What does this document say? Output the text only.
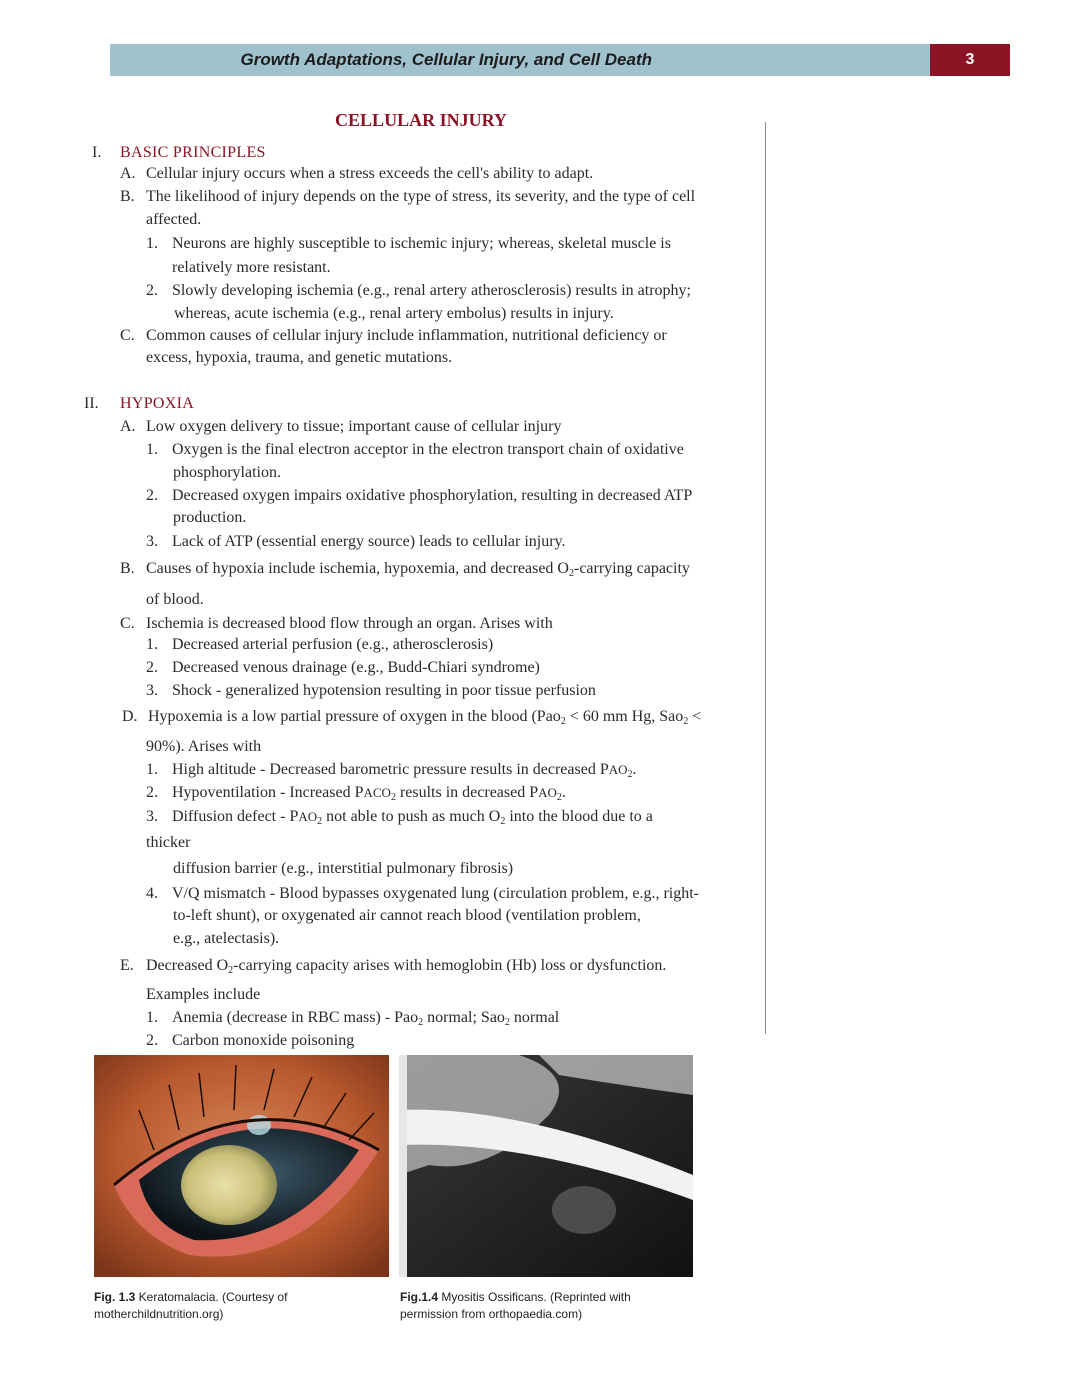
Growth Adaptations, Cellular Injury, and Cell Death	3
CELLULAR INJURY
I. BASIC PRINCIPLES
A. Cellular injury occurs when a stress exceeds the cell's ability to adapt.
B. The likelihood of injury depends on the type of stress, its severity, and the type of cell
affected.
1. Neurons are highly susceptible to ischemic injury; whereas, skeletal muscle is
relatively more resistant.
2. Slowly developing ischemia (e.g., renal artery atherosclerosis) results in atrophy;
whereas, acute ischemia (e.g., renal artery embolus) results in injury.
C. Common causes of cellular injury include inflammation, nutritional deficiency or
excess, hypoxia, trauma, and genetic mutations.
II. HYPOXIA
A. Low oxygen delivery to tissue; important cause of cellular injury
1. Oxygen is the final electron acceptor in the electron transport chain of oxidative
phosphorylation.
2. Decreased oxygen impairs oxidative phosphorylation, resulting in decreased ATP
production.
3. Lack of ATP (essential energy source) leads to cellular injury.
B. Causes of hypoxia include ischemia, hypoxemia, and decreased $O_2$-carrying capacity
of blood.
C. Ischemia is decreased blood flow through an organ. Arises with
1. Decreased arterial perfusion (e.g., atherosclerosis)
2. Decreased venous drainage (e.g., Budd-Chiari syndrome)
3. Shock - generalized hypotension resulting in poor tissue perfusion
D. Hypoxemia is a low partial pressure of oxygen in the blood (Pao$_2$ < 60 mm Hg, Sao$_2$ <
90%). Arises with
1. High altitude - Decreased barometric pressure results in decreased $PAO_2$.
2. Hypoventilation - Increased $PACO_2$ results in decreased $PAO_2$.
3. Diffusion defect - $PAO_2$ not able to push as much $O_2$ into the blood due to a
thicker
diffusion barrier (e.g., interstitial pulmonary fibrosis)
4. V/Q mismatch - Blood bypasses oxygenated lung (circulation problem, e.g., right-
to-left shunt), or oxygenated air cannot reach blood (ventilation problem,
e.g., atelectasis).
E. Decreased $O_2$-carrying capacity arises with hemoglobin (Hb) loss or dysfunction.
Examples include
1. Anemia (decrease in RBC mass) - Pao$_2$ normal; Sao$_2$ normal
2. Carbon monoxide poisoning
Fig. 1.3 Keratomalacia. (Courtesy of
motherchildnutrition.org)
Fig.1.4 Myositis Ossificans. (Reprinted with
permission from orthopaedia.com)
